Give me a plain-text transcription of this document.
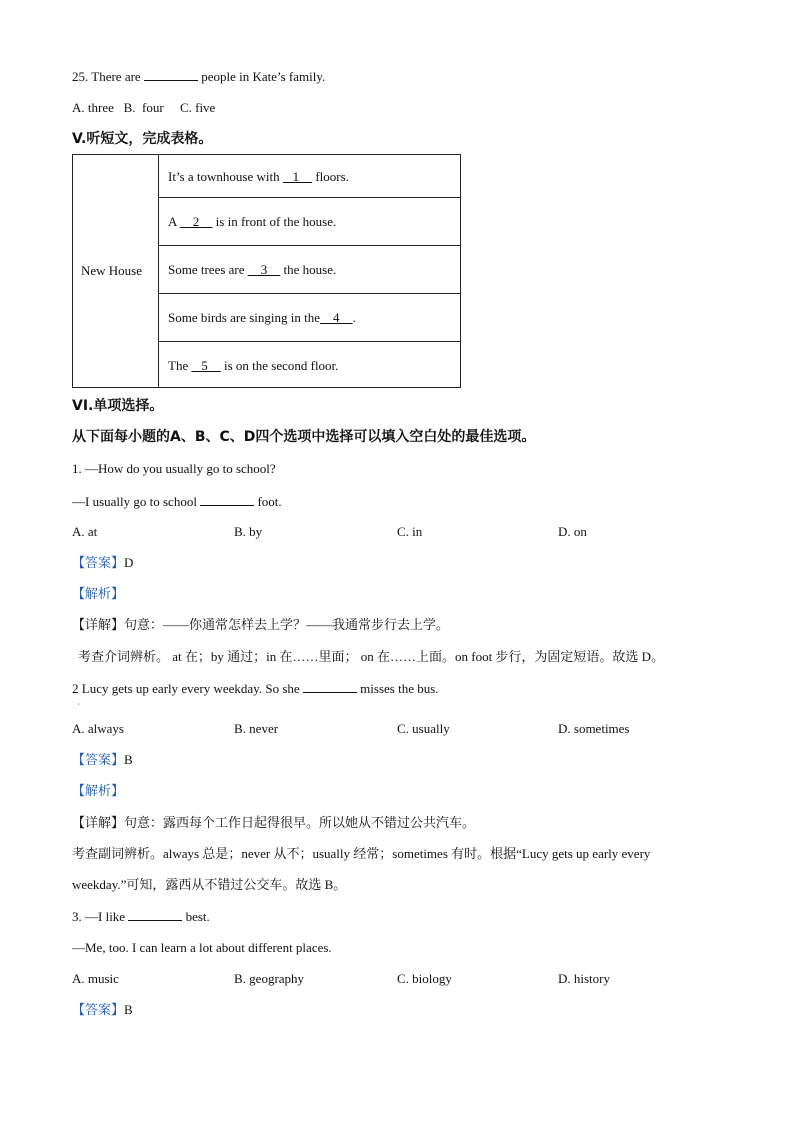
25. There are	people in Kate’s family.
A. three   B.  four     C. five
V.听短文，完成表格。
New House
It’s a townhouse with    1     floors.
A     2     is in front of the house.
Some trees are     3     the house.
Some birds are singing in the    4    .
The    5     is on the second floor.
VI.单项选择。
从下面每小题的A、B、C、D四个选项中选择可以填入空白处的最佳选项。
1. —How do you usually go to school?
—I usually go to school	foot.
A. at	B. by	C. in	D. on
【答案】D
【解析】
【详解】句意：——你通常怎样去上学？——我通常步行去上学。
考查介词辨析。 at 在；by 通过；in 在……里面； on 在……上面。on foot 步行，为固定短语。故选 D。
2 Lucy gets up early every weekday. So she	misses the bus.
·
A. always	B. never	C. usually	D. sometimes
【答案】B
【解析】
【详解】句意：露西每个工作日起得很早。所以她从不错过公共汽车。
考查副词辨析。always 总是；never 从不；usually 经常；sometimes 有时。根据“Lucy gets up early every
weekday.”可知，露西从不错过公交车。故选 B。
3. —I like	best.
—Me, too. I can learn a lot about different places.
A. music	B. geography	C. biology	D. history
【答案】B
